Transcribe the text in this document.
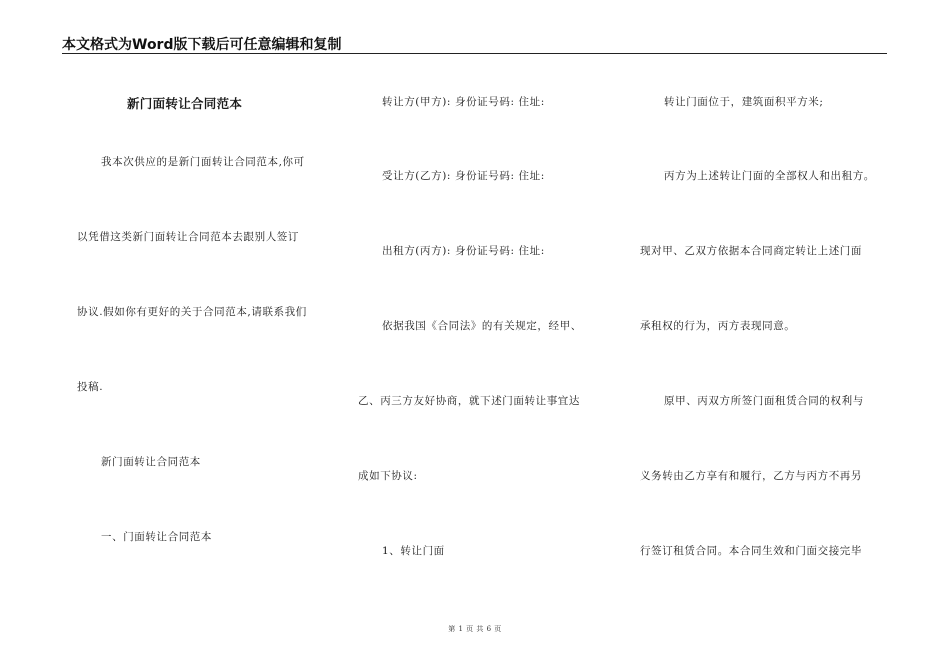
本文格式为Word版下载后可任意编辑和复制
新门面转让合同范本
我本次供应的是新门面转让合同范本,你可
以凭借这类新门面转让合同范本去跟别人签订
协议.假如你有更好的关于合同范本,请联系我们
投稿.
新门面转让合同范本
一、门面转让合同范本
转让方(甲方): 身份证号码: 住址:
受让方(乙方): 身份证号码: 住址:
出租方(丙方): 身份证号码: 住址:
依据我国《合同法》的有关规定，经甲、
乙、丙三方友好协商，就下述门面转让事宜达
成如下协议:
1、转让门面
转让门面位于，建筑面积平方米;
丙方为上述转让门面的全部权人和出租方。
现对甲、乙双方依据本合同商定转让上述门面
承租权的行为，丙方表现同意。
原甲、丙双方所签门面租赁合同的权利与
义务转由乙方享有和履行，乙方与丙方不再另
行签订租赁合同。本合同生效和门面交接完毕
第 1 页 共 6 页
